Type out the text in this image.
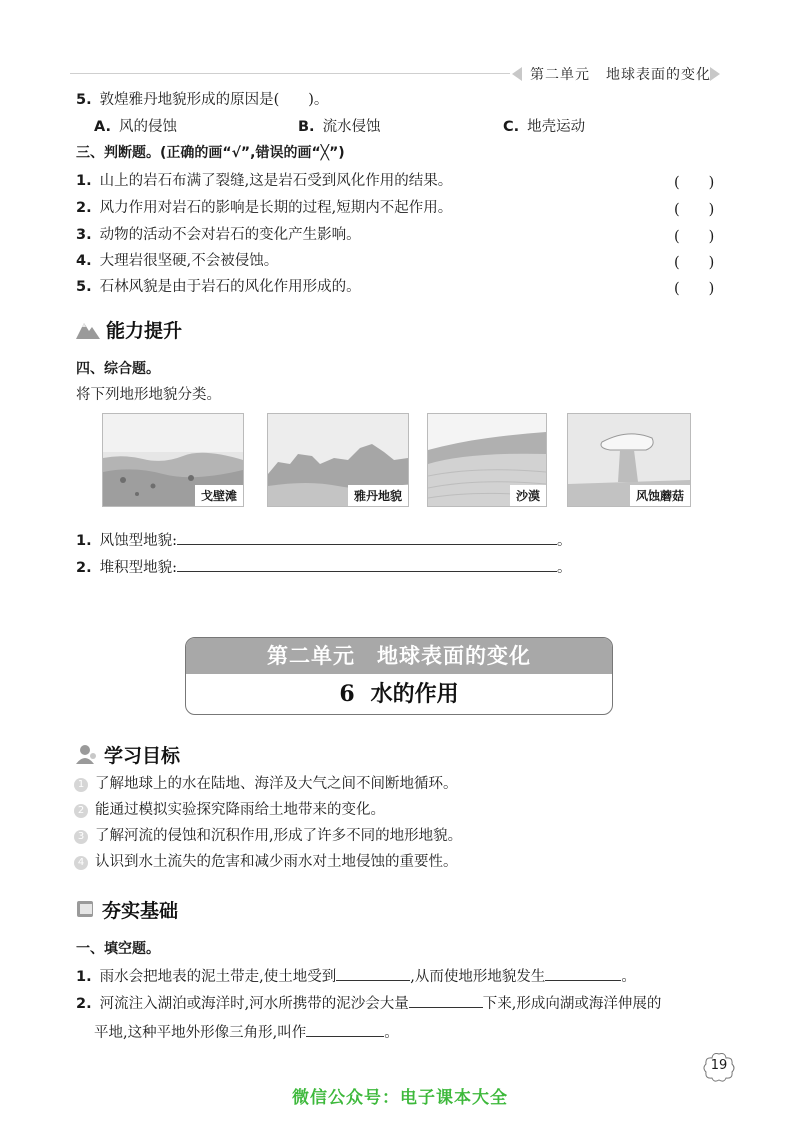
第二单元 地球表面的变化
5. 敦煌雅丹地貌形成的原因是(　　)。
A. 风的侵蚀	B. 流水侵蚀	C. 地壳运动
三、判断题。(正确的画“√”,错误的画“╳”)
1. 山上的岩石布满了裂缝,这是岩石受到风化作用的结果。	(　　)
2. 风力作用对岩石的影响是长期的过程,短期内不起作用。	(　　)
3. 动物的活动不会对岩石的变化产生影响。	(　　)
4. 大理岩很坚硬,不会被侵蚀。	(　　)
5. 石林风貌是由于岩石的风化作用形成的。	(　　)
能力提升
四、综合题。
将下列地形地貌分类。
戈壁滩	雅丹地貌	沙漠	风蚀蘑菇
1. 风蚀型地貌:	。
2. 堆积型地貌:	。
第二单元 地球表面的变化
6 水的作用
学习目标
1 了解地球上的水在陆地、海洋及大气之间不间断地循环。
2 能通过模拟实验探究降雨给土地带来的变化。
3 了解河流的侵蚀和沉积作用,形成了许多不同的地形地貌。
4 认识到水土流失的危害和减少雨水对土地侵蚀的重要性。
夯实基础
一、填空题。
1. 雨水会把地表的泥土带走,使土地受到	,从而使地形地貌发生	。
2. 河流注入湖泊或海洋时,河水所携带的泥沙会大量	下来,形成向湖或海洋伸展的
平地,这种平地外形像三角形,叫作	。
19
微信公众号：电子课本大全
